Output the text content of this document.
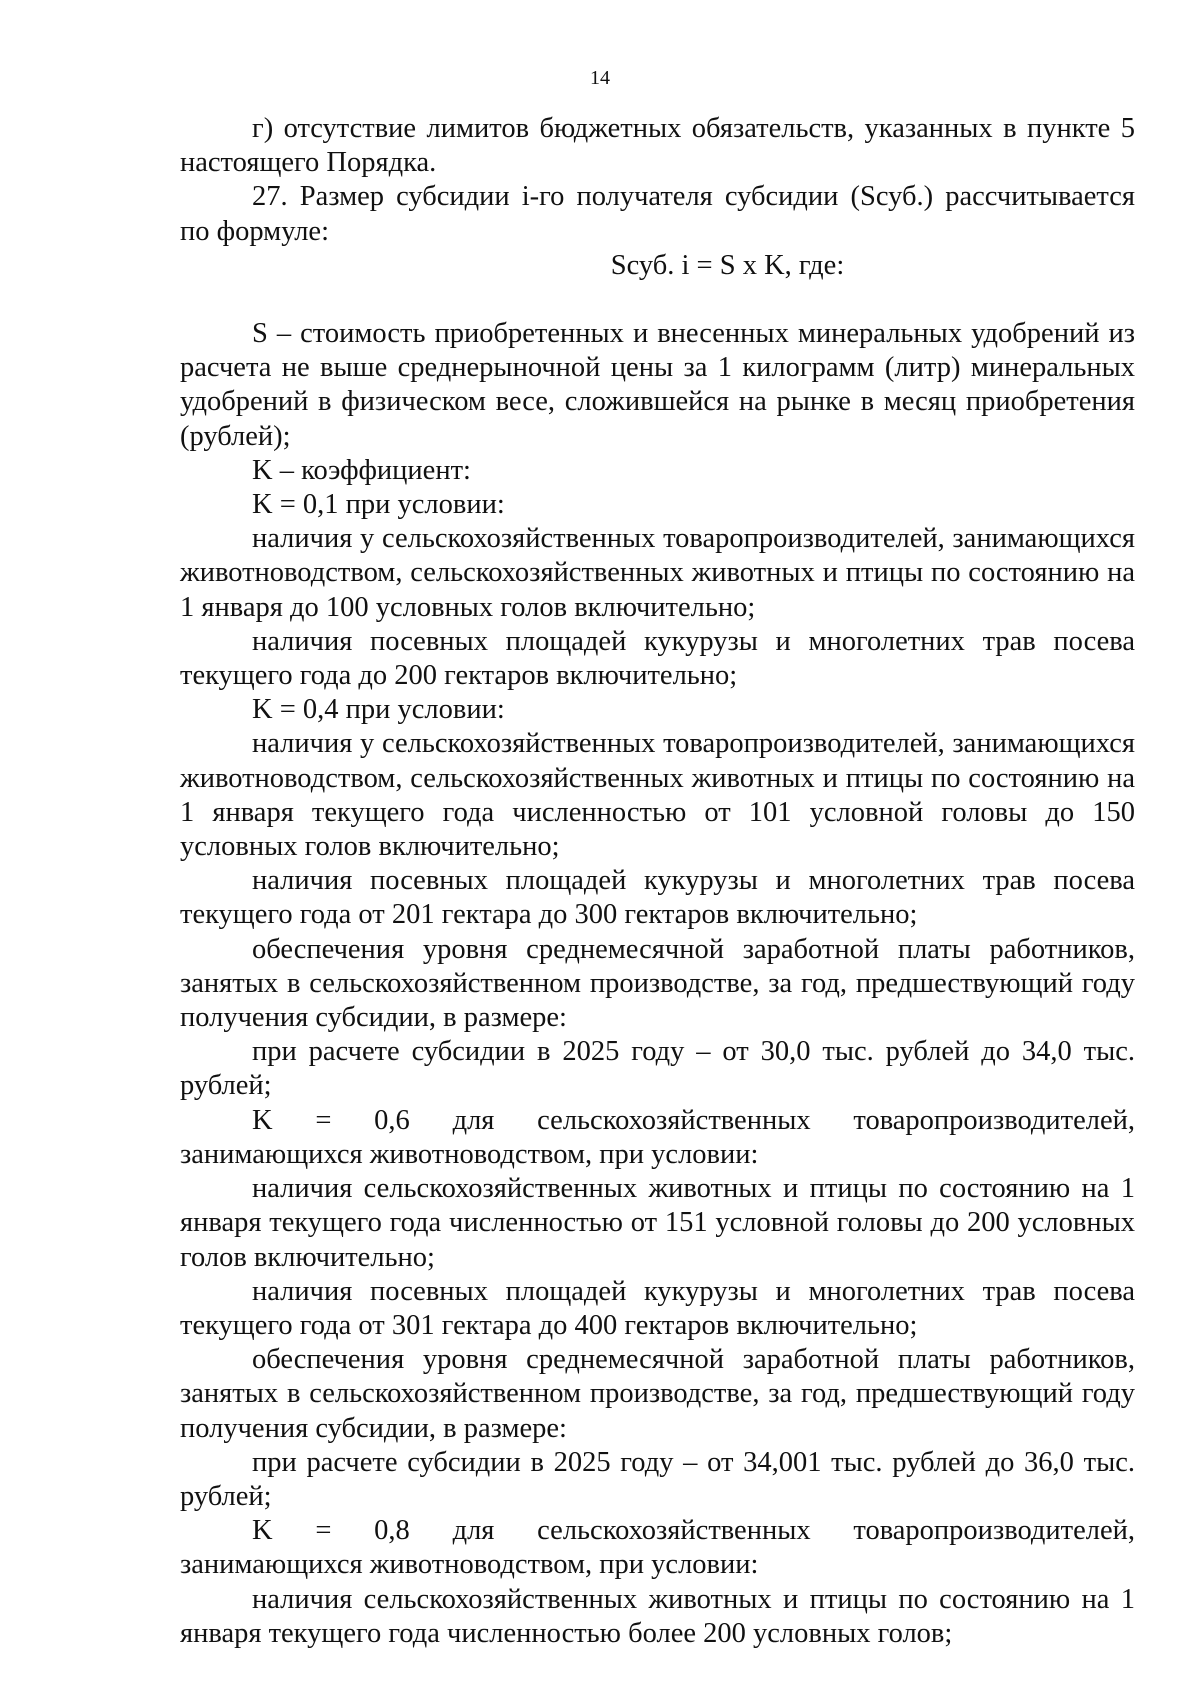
14

г) отсутствие лимитов бюджетных обязательств, указанных в пункте 5 настоящего Порядка.

27. Размер субсидии i-го получателя субсидии (Sсуб.) рассчитывается по формуле:

Sсуб. i = S x K, где:

S – стоимость приобретенных и внесенных минеральных удобрений из расчета не выше среднерыночной цены за 1 килограмм (литр) минеральных удобрений в физическом весе, сложившейся на рынке в месяц приобретения (рублей);

K – коэффициент:

K = 0,1 при условии:

наличия у сельскохозяйственных товаропроизводителей, занимающихся животноводством, сельскохозяйственных животных и птицы по состоянию на 1 января до 100 условных голов включительно;

наличия посевных площадей кукурузы и многолетних трав посева текущего года до 200 гектаров включительно;

K = 0,4 при условии:

наличия у сельскохозяйственных товаропроизводителей, занимающихся животноводством, сельскохозяйственных животных и птицы по состоянию на 1 января текущего года численностью от 101 условной головы до 150 условных голов включительно;

наличия посевных площадей кукурузы и многолетних трав посева текущего года от 201 гектара до 300 гектаров включительно;

обеспечения уровня среднемесячной заработной платы работников, занятых в сельскохозяйственном производстве, за год, предшествующий году получения субсидии, в размере:

при расчете субсидии в 2025 году – от 30,0 тыс. рублей до 34,0 тыс. рублей;

K = 0,6 для сельскохозяйственных товаропроизводителей, занимающихся животноводством, при условии:

наличия сельскохозяйственных животных и птицы по состоянию на 1 января текущего года численностью от 151 условной головы до 200 условных голов включительно;

наличия посевных площадей кукурузы и многолетних трав посева текущего года от 301 гектара до 400 гектаров включительно;

обеспечения уровня среднемесячной заработной платы работников, занятых в сельскохозяйственном производстве, за год, предшествующий году получения субсидии, в размере:

при расчете субсидии в 2025 году – от 34,001 тыс. рублей до 36,0 тыс. рублей;

K = 0,8 для сельскохозяйственных товаропроизводителей, занимающихся животноводством, при условии:

наличия сельскохозяйственных животных и птицы по состоянию на 1 января текущего года численностью более 200 условных голов;
